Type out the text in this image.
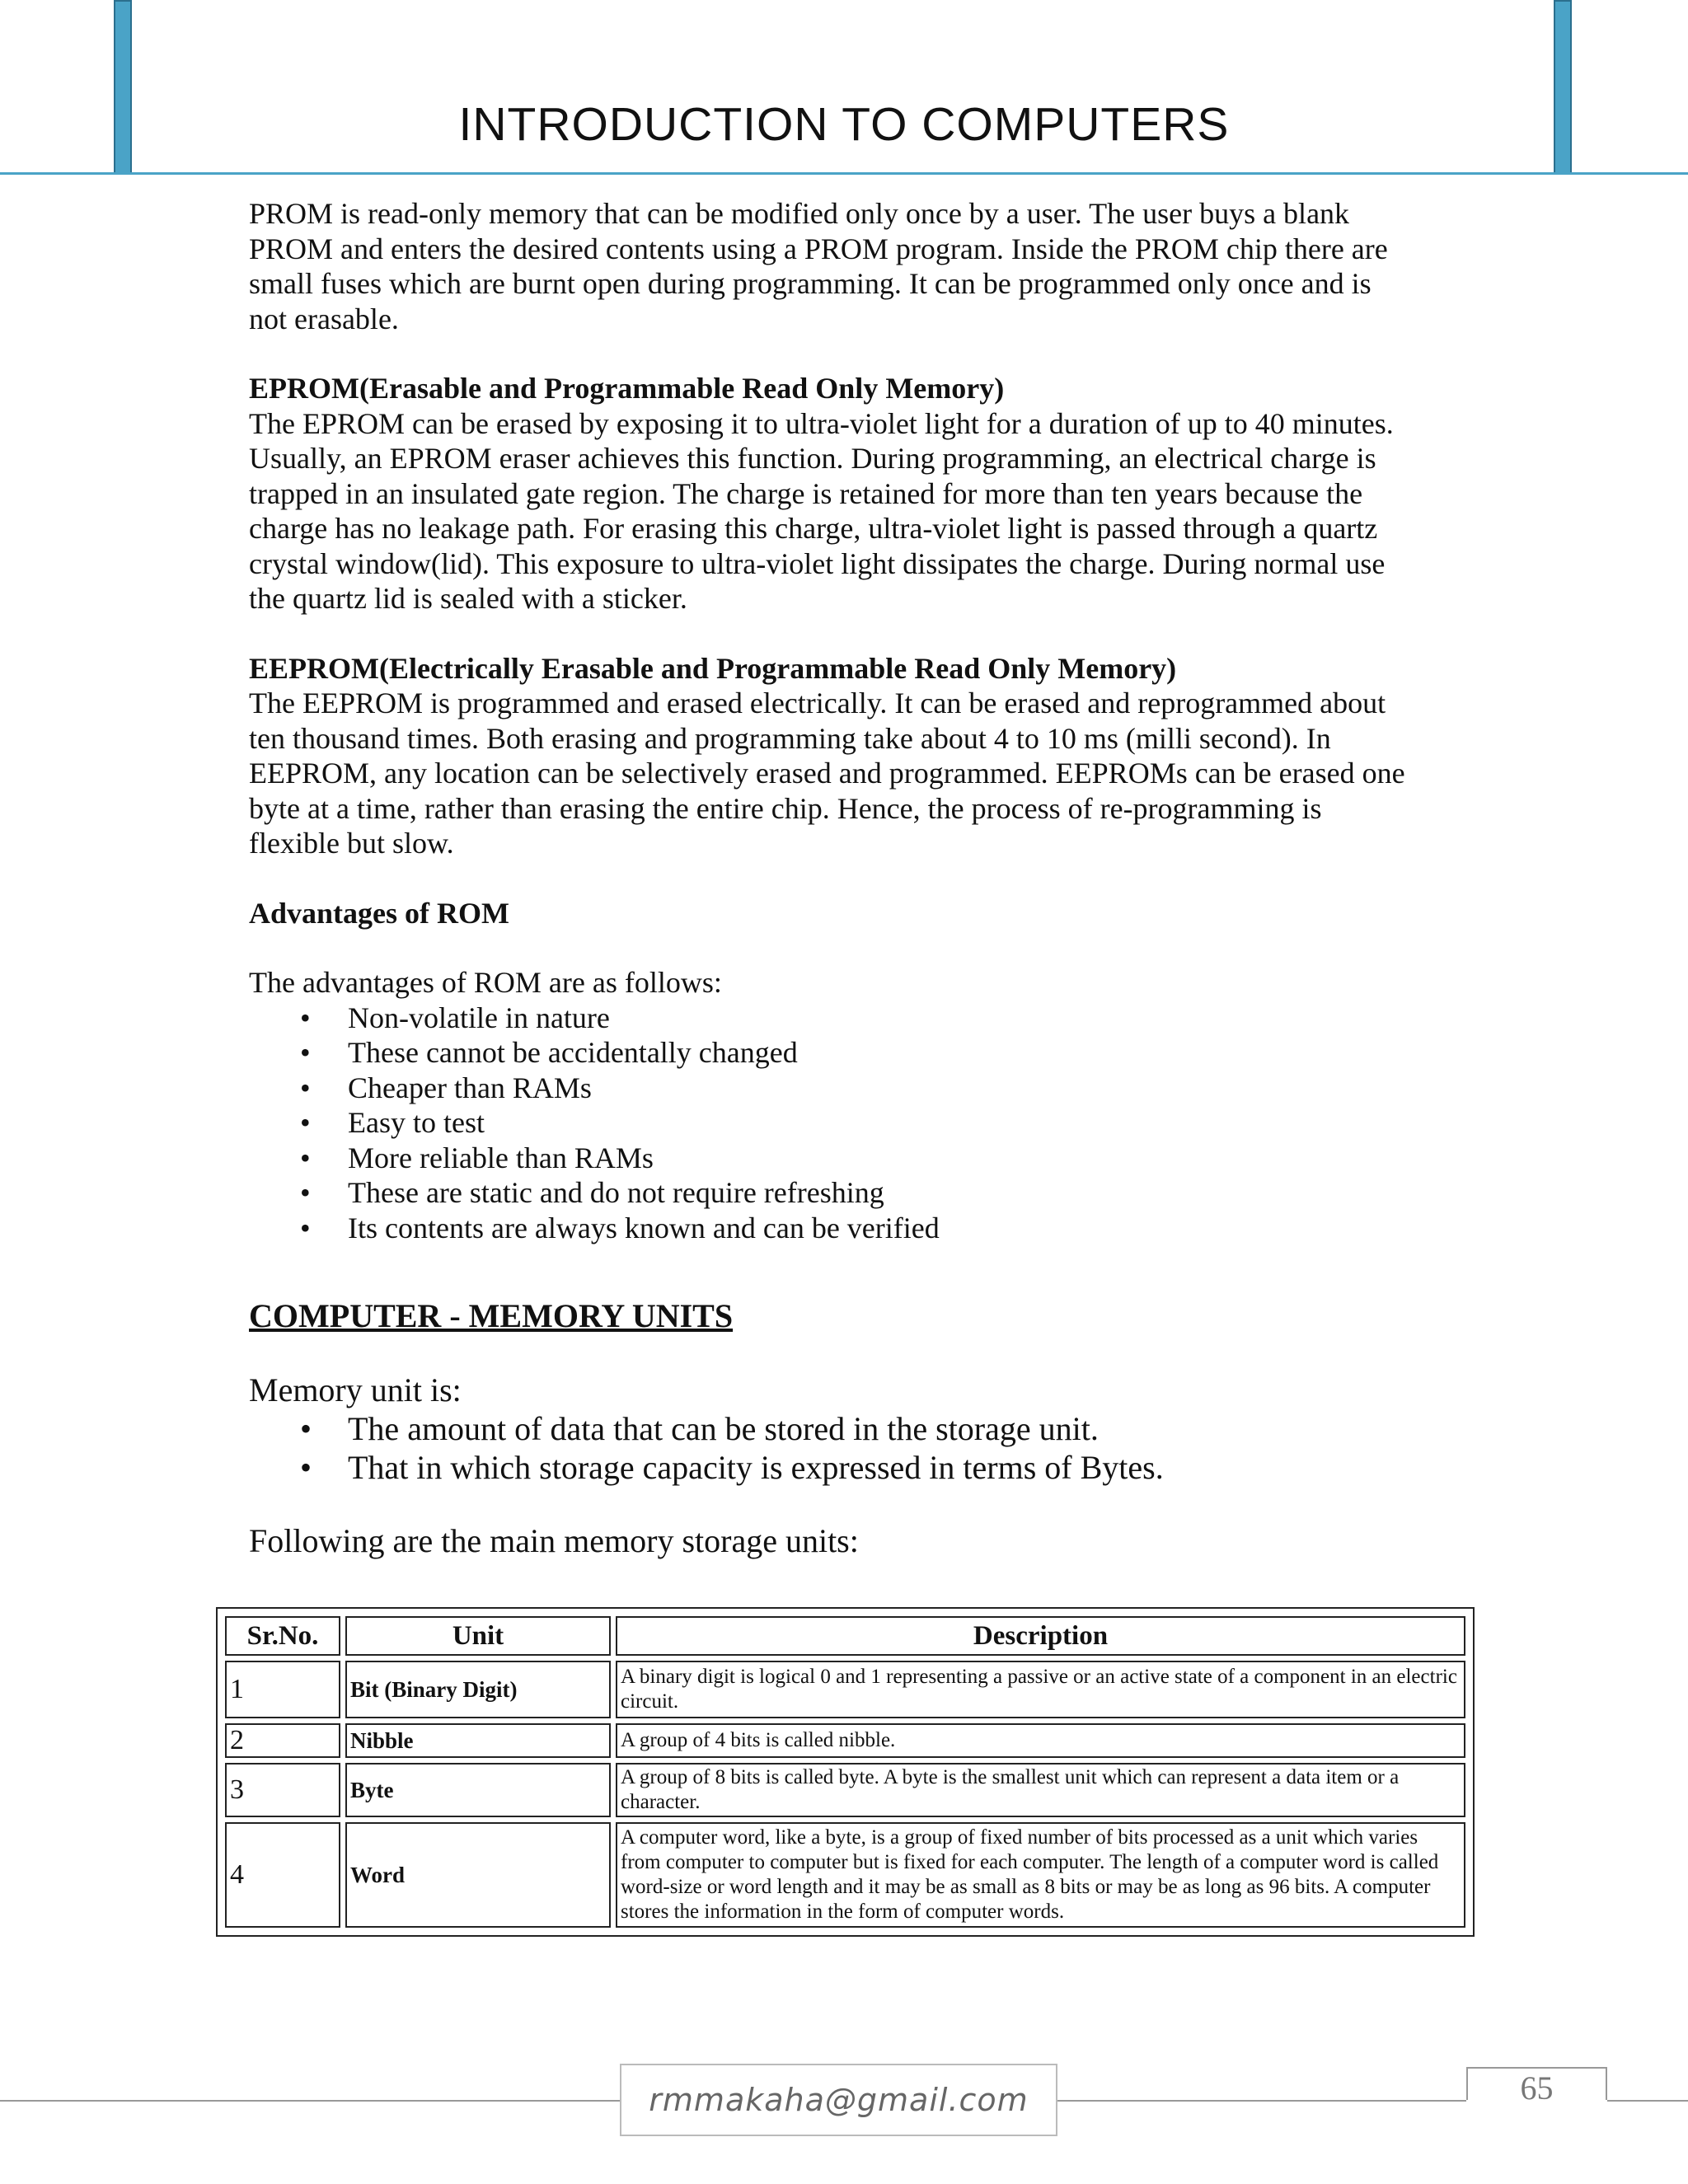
INTRODUCTION TO COMPUTERS

PROM is read-only memory that can be modified only once by a user. The user buys a blank
PROM and enters the desired contents using a PROM program. Inside the PROM chip there are
small fuses which are burnt open during programming. It can be programmed only once and is
not erasable.

EPROM(Erasable and Programmable Read Only Memory)

The EPROM can be erased by exposing it to ultra-violet light for a duration of up to 40 minutes.
Usually, an EPROM eraser achieves this function. During programming, an electrical charge is
trapped in an insulated gate region. The charge is retained for more than ten years because the
charge has no leakage path. For erasing this charge, ultra-violet light is passed through a quartz
crystal window(lid). This exposure to ultra-violet light dissipates the charge. During normal use
the quartz lid is sealed with a sticker.

EEPROM(Electrically Erasable and Programmable Read Only Memory)

The EEPROM is programmed and erased electrically. It can be erased and reprogrammed about
ten thousand times. Both erasing and programming take about 4 to 10 ms (milli second). In
EEPROM, any location can be selectively erased and programmed. EEPROMs can be erased one
byte at a time, rather than erasing the entire chip. Hence, the process of re-programming is
flexible but slow.

Advantages of ROM

The advantages of ROM are as follows:

• Non-volatile in nature
• These cannot be accidentally changed
• Cheaper than RAMs
• Easy to test
• More reliable than RAMs
• These are static and do not require refreshing
• Its contents are always known and can be verified

COMPUTER - MEMORY UNITS

Memory unit is:

• The amount of data that can be stored in the storage unit.
• That in which storage capacity is expressed in terms of Bytes.

Following are the main memory storage units:

Sr.No.	Unit	Description
1	Bit (Binary Digit)	A binary digit is logical 0 and 1 representing a passive or an active state of a component in an electric circuit.
2	Nibble	A group of 4 bits is called nibble.
3	Byte	A group of 8 bits is called byte. A byte is the smallest unit which can represent a data item or a character.
4	Word	A computer word, like a byte, is a group of fixed number of bits processed as a unit which varies from computer to computer but is fixed for each computer. The length of a computer word is called word-size or word length and it may be as small as 8 bits or may be as long as 96 bits. A computer stores the information in the form of computer words.
rmmakaha@gmail.com	65
